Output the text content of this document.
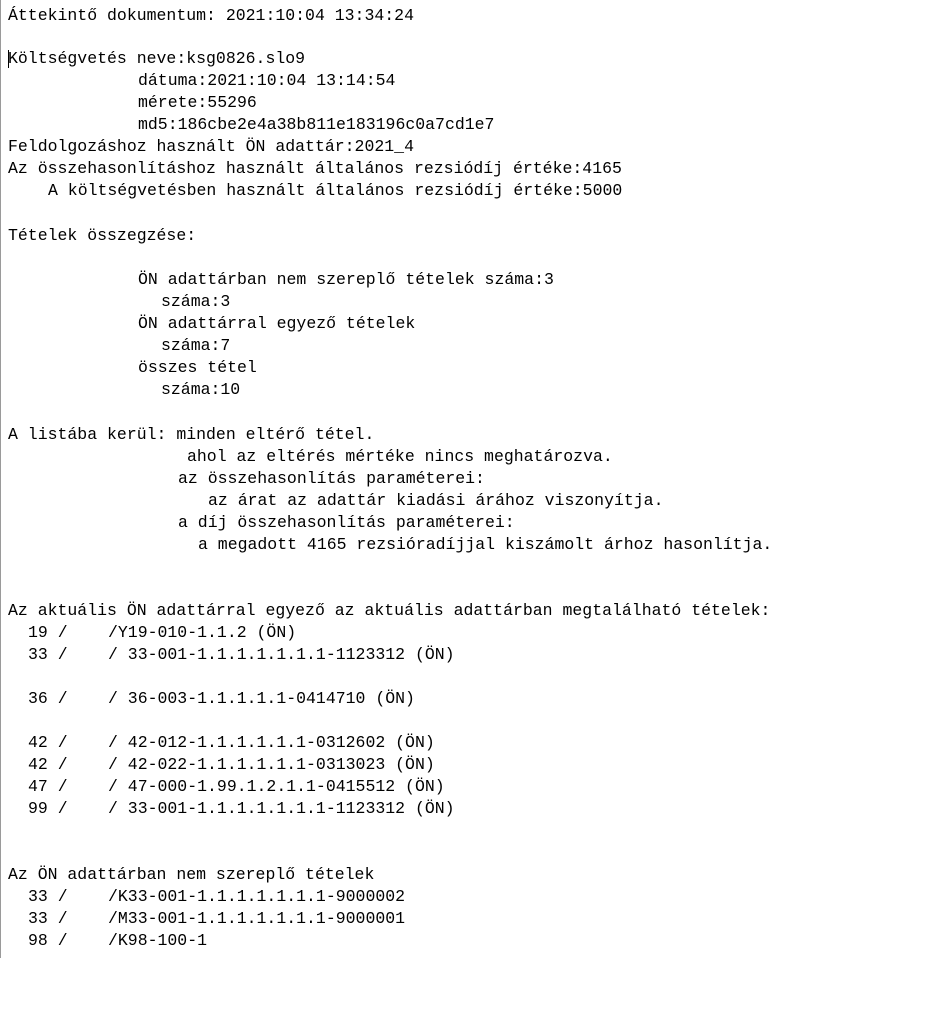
Áttekintő dokumentum: 2021:10:04 13:34:24

Költségvetés neve:ksg0826.slo9

dátuma:2021:10:04 13:14:54

mérete:55296

md5:186cbe2e4a38b811e183196c0a7cd1e7

Feldolgozáshoz használt ÖN adattár:2021_4

Az összehasonlításhoz használt általános rezsiódíj értéke:4165

A költségvetésben használt általános rezsiódíj értéke:5000

Tételek összegzése:

ÖN adattárban nem szereplő tételek száma:3

száma:3

ÖN adattárral egyező tételek

száma:7

összes tétel

száma:10

A listába kerül: minden eltérő tétel.

ahol az eltérés mértéke nincs meghatározva.

az összehasonlítás paraméterei:

az árat az adattár kiadási árához viszonyítja.

a díj összehasonlítás paraméterei:

a megadott 4165 rezsióradíjjal kiszámolt árhoz hasonlítja.

Az aktuális ÖN adattárral egyező az aktuális adattárban megtalálható tételek:

19 /

/Y19-010-1.1.2 (ÖN)

33 /

/ 33-001-1.1.1.1.1.1.1-1123312 (ÖN)

36 /

/ 36-003-1.1.1.1.1-0414710 (ÖN)

42 /

/ 42-012-1.1.1.1.1.1-0312602 (ÖN)

42 /

/ 42-022-1.1.1.1.1.1-0313023 (ÖN)

47 /

/ 47-000-1.99.1.2.1.1-0415512 (ÖN)

99 /

/ 33-001-1.1.1.1.1.1.1-1123312 (ÖN)

Az ÖN adattárban nem szereplő tételek

33 /

/K33-001-1.1.1.1.1.1.1-9000002

33 /

/M33-001-1.1.1.1.1.1.1-9000001

98 /

/K98-100-1
